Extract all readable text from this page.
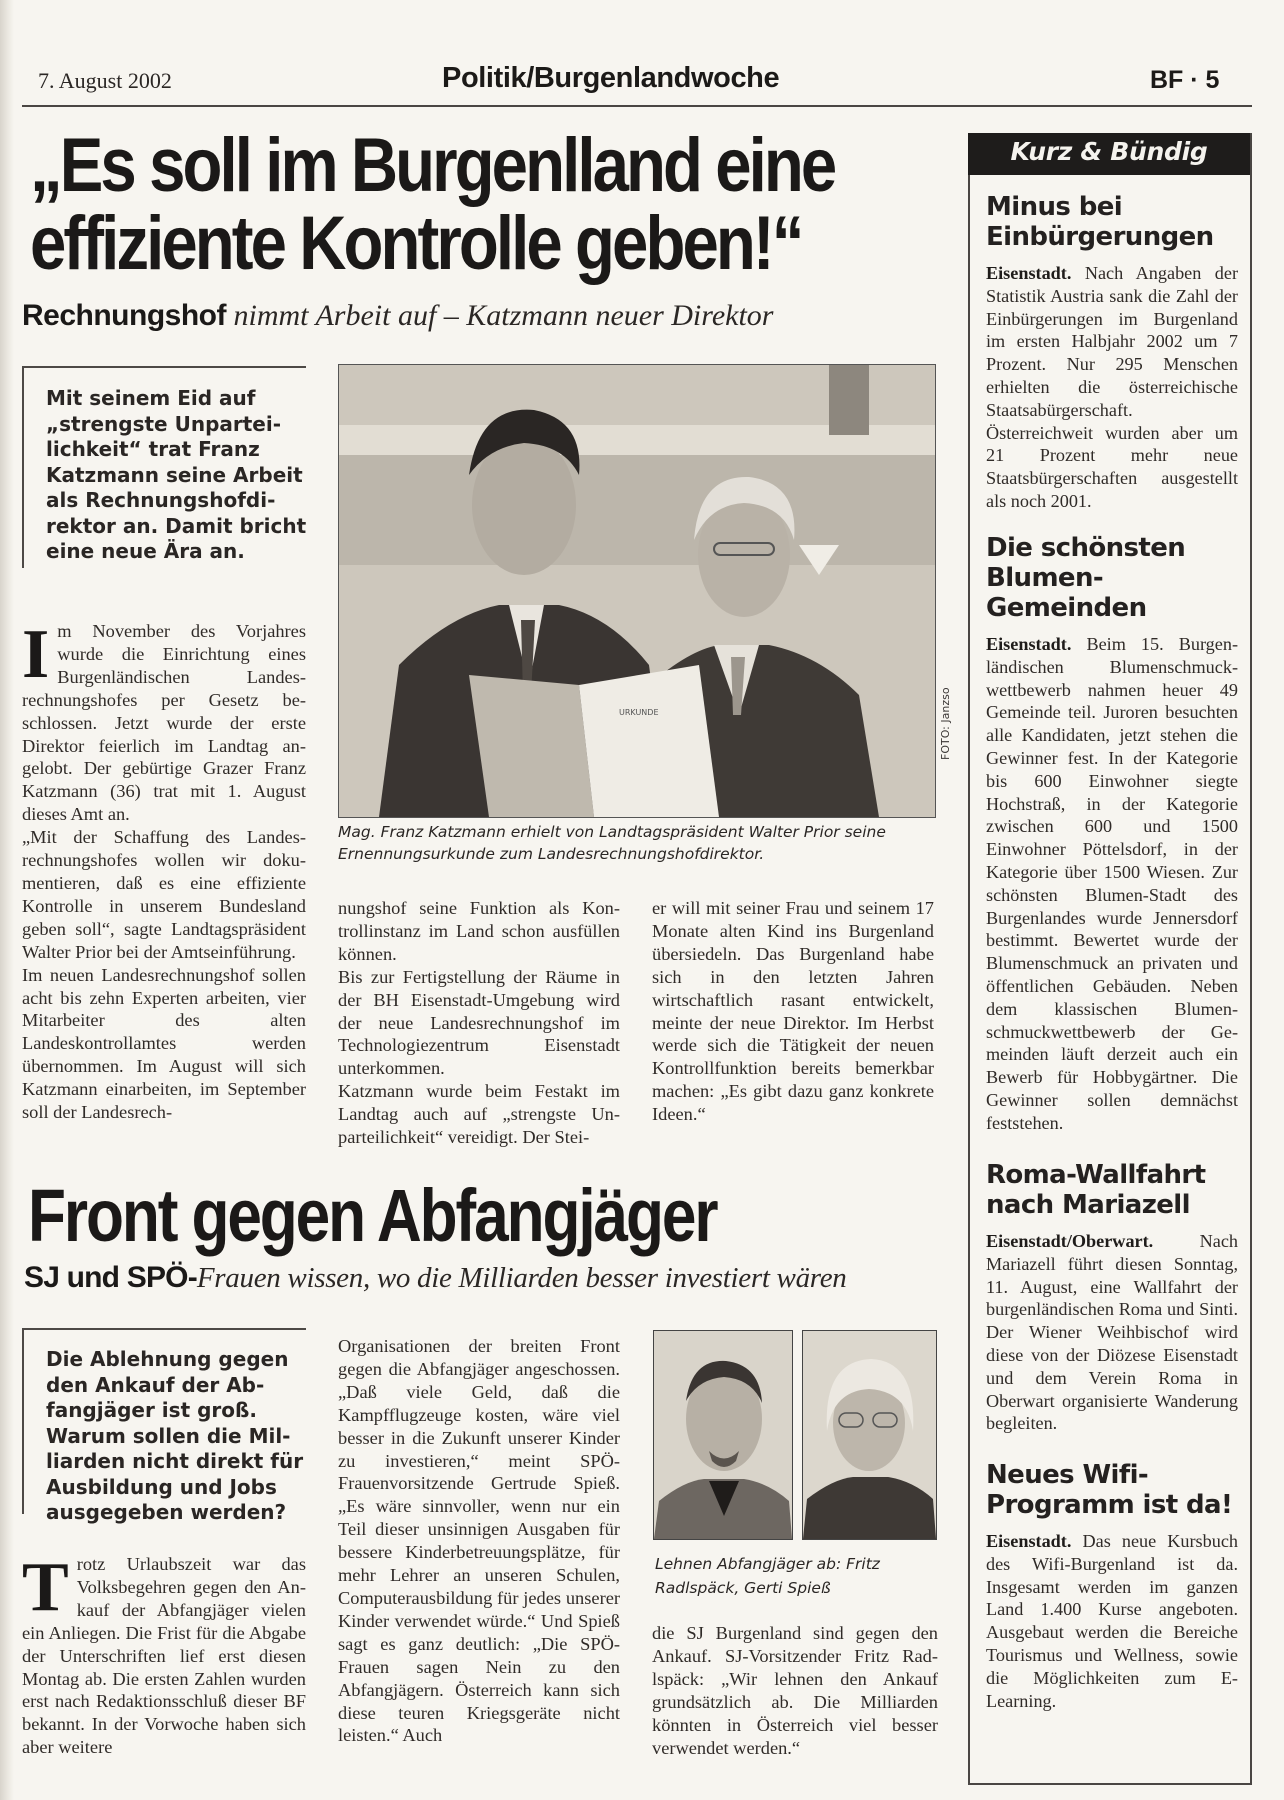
7. August 2002	Politik/Burgenlandwoche	BF · 5
„Es soll im Burgenlland eine
effiziente Kontrolle geben!“
Rechnungshof nimmt Arbeit auf – Katzmann neuer Direktor
Mit seinem Eid auf „strengste Unpartei-lichkeit“ trat Franz Katzmann seine Arbeit als Rechnungshofdi-rektor an. Damit bricht eine neue Ära an.

Im November des Vorjahres wurde die Einrichtung eines Burgenländischen Landesrechnungshofes per Gesetz beschlossen. Jetzt wurde der erste Direktor feierlich im Landtag angelobt. Der gebürtige Grazer Franz Katzmann (36) trat mit 1. August dieses Amt an.

„Mit der Schaffung des Landesrechnungshofes wollen wir dokumentieren, daß es eine effiziente Kontrolle in unserem Bundesland geben soll“, sagte Landtagspräsident Walter Prior bei der Amtseinführung.

Im neuen Landesrechnungshof sollen acht bis zehn Experten arbeiten, vier Mitarbeiter des alten Landeskontrollamtes werden übernommen. Im August will sich Katzmann einarbeiten, im September soll der Landesrech-

URKUNDE	FOTO: Janzso
Mag. Franz Katzmann erhielt von Landtagspräsident Walter Prior seine Ernennungsurkunde zum Landesrechnungshofdirektor.

nungshof seine Funktion als Kontrollinstanz im Land schon ausfüllen können.

Bis zur Fertigstellung der Räume in der BH Eisenstadt-Umgebung wird der neue Landesrechnungshof im Technologiezentrum Eisenstadt unterkommen.

Katzmann wurde beim Festakt im Landtag auch auf „strengste Unparteilichkeit“ vereidigt. Der Stei-

er will mit seiner Frau und seinem 17 Monate alten Kind ins Burgenland übersiedeln. Das Burgenland habe sich in den letzten Jahren wirtschaftlich rasant entwickelt, meinte der neue Direktor. Im Herbst werde sich die Tätigkeit der neuen Kontrollfunktion bereits bemerkbar machen: „Es gibt dazu ganz konkrete Ideen.“

Kurz & Bündig
Minus bei Einbürgerungen
Eisenstadt. Nach Angaben der Statistik Austria sank die Zahl der Einbürgerungen im Burgenland im ersten Halbjahr 2002 um 7 Prozent. Nur 295 Menschen erhielten die österreichische Staatsabürgerschaft. Österreichweit wurden aber um 21 Prozent mehr neue Staatsbürgerschaften ausgestellt als noch 2001.
Die schönsten Blumen-Gemeinden
Eisenstadt. Beim 15. Burgenländischen Blumenschmuckwettbewerb nahmen heuer 49 Gemeinde teil. Juroren besuchten alle Kandidaten, jetzt stehen die Gewinner fest. In der Kategorie bis 600 Einwohner siegte Hochstraß, in der Kategorie zwischen 600 und 1500 Einwohner Pöttelsdorf, in der Kategorie über 1500 Wiesen. Zur schönsten Blumen-Stadt des Burgenlandes wurde Jennersdorf bestimmt. Bewertet wurde der Blumenschmuck an privaten und öffentlichen Gebäuden. Neben dem klassischen Blumenschmuckwettbewerb der Gemeinden läuft derzeit auch ein Bewerb für Hobbygärtner. Die Gewinner sollen demnächst feststehen.
Roma-Wallfahrt nach Mariazell
Eisenstadt/Oberwart. Nach Mariazell führt diesen Sonntag, 11. August, eine Wallfahrt der burgenländischen Roma und Sinti. Der Wiener Weihbischof wird diese von der Diözese Eisenstadt und dem Verein Roma in Oberwart organisierte Wanderung begleiten.
Neues Wifi-Programm ist da!
Eisenstadt. Das neue Kursbuch des Wifi-Burgenland ist da. Insgesamt werden im ganzen Land 1.400 Kurse angeboten. Ausgebaut werden die Bereiche Tourismus und Wellness, sowie die Möglichkeiten zum E-Learning.
Front gegen Abfangjäger
SJ und SPÖ-Frauen wissen, wo die Milliarden besser investiert wären
Die Ablehnung gegen den Ankauf der Ab-fangjäger ist groß. Warum sollen die Mil-liarden nicht direkt für Ausbildung und Jobs ausgegeben werden?

Trotz Urlaubszeit war das Volksbegehren gegen den Ankauf der Abfangjäger vielen ein Anliegen. Die Frist für die Abgabe der Unterschriften lief erst diesen Montag ab. Die ersten Zahlen wurden erst nach Redaktionsschluß dieser BF bekannt. In der Vorwoche haben sich aber weitere

Organisationen der breiten Front gegen die Abfangjäger angeschossen. „Daß viele Geld, daß die Kampfflugzeuge kosten, wäre viel besser in die Zukunft unserer Kinder zu investieren,“ meint SPÖ-Frauenvorsitzende Gertrude Spieß. „Es wäre sinnvoller, wenn nur ein Teil dieser unsinnigen Ausgaben für bessere Kinderbetreuungsplätze, für mehr Lehrer an unseren Schulen, Computerausbildung für jedes unserer Kinder verwendet würde.“ Und Spieß sagt es ganz deutlich: „Die SPÖ-Frauen sagen Nein zu den Abfangjägern. Österreich kann sich diese teuren Kriegsgeräte nicht leisten.“ Auch

Lehnen Abfangjäger ab: Fritz Radlspäck, Gerti Spieß

die SJ Burgenland sind gegen den Ankauf. SJ-Vorsitzender Fritz Radlspäck: „Wir lehnen den Ankauf grundsätzlich ab. Die Milliarden könnten in Österreich viel besser verwendet werden.“
